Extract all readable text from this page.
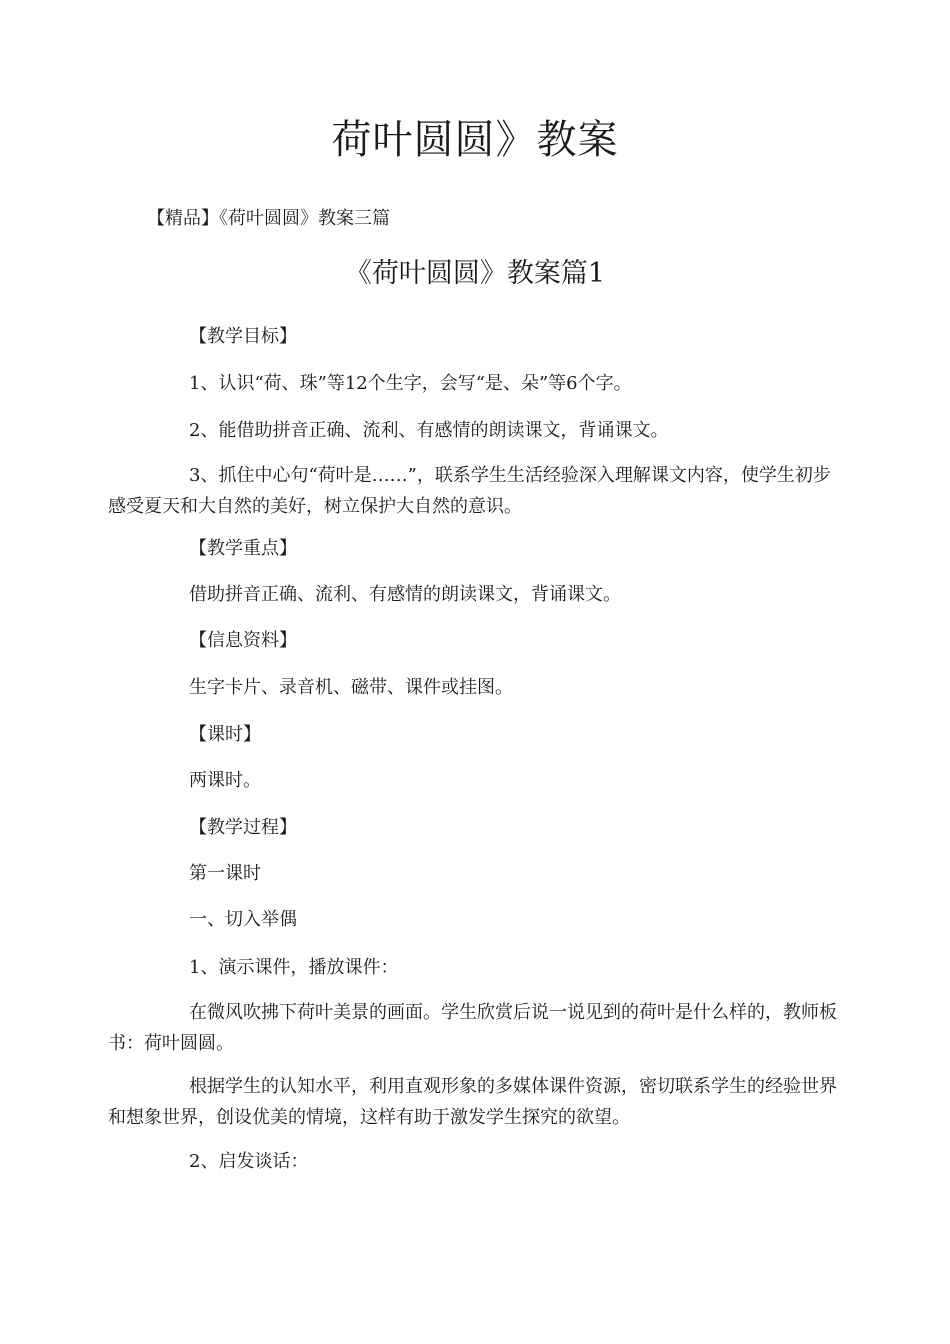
荷叶圆圆》教案
【精品】《荷叶圆圆》教案三篇
《荷叶圆圆》教案篇1
【教学目标】
1、认识“荷、珠”等12个生字，会写“是、朵”等6个字。
2、能借助拼音正确、流利、有感情的朗读课文，背诵课文。
3、抓住中心句“荷叶是……”，联系学生生活经验深入理解课文内容，使学生初步感受夏天和大自然的美好，树立保护大自然的意识。
【教学重点】
借助拼音正确、流利、有感情的朗读课文，背诵课文。
【信息资料】
生字卡片、录音机、磁带、课件或挂图。
【课时】
两课时。
【教学过程】
第一课时
一、切入举偶
1、演示课件，播放课件：
在微风吹拂下荷叶美景的画面。学生欣赏后说一说见到的荷叶是什么样的，教师板书：荷叶圆圆。
根据学生的认知水平，利用直观形象的多媒体课件资源，密切联系学生的经验世界和想象世界，创设优美的情境，这样有助于激发学生探究的欲望。
2、启发谈话：
